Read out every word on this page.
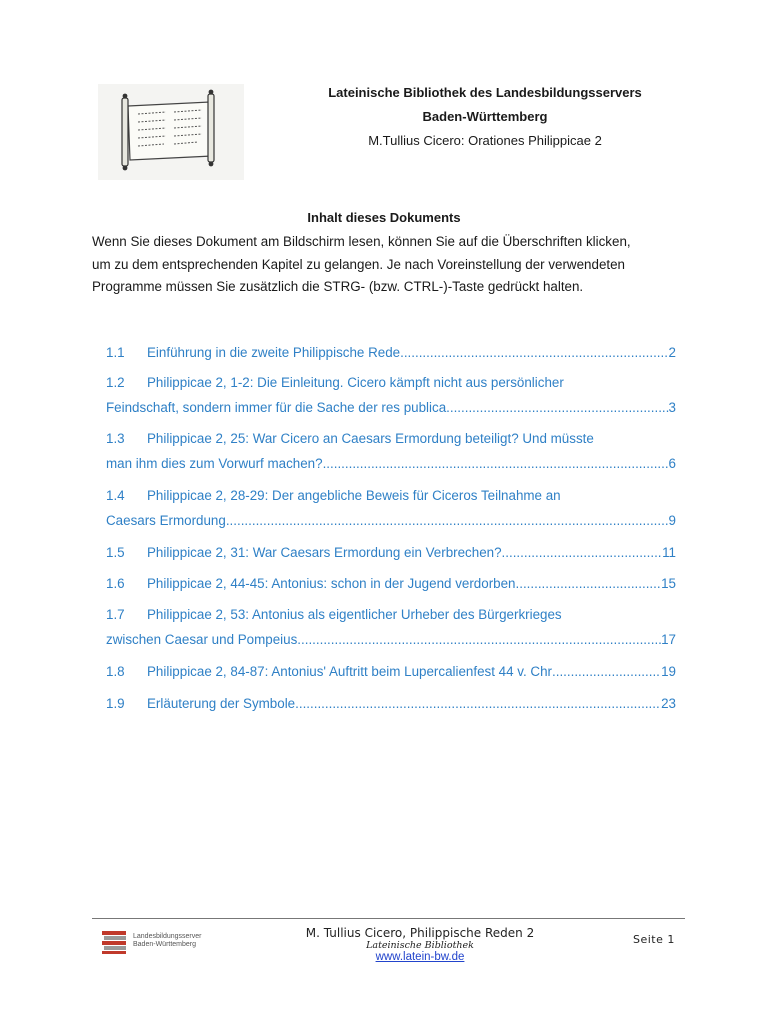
Lateinische Bibliothek des Landesbildungsservers
Baden-Württemberg
M.Tullius Cicero: Orationes Philippicae 2
Inhalt dieses Dokuments

Wenn Sie dieses Dokument am Bildschirm lesen, können Sie auf die Überschriften klicken,

um zu dem entsprechenden Kapitel zu gelangen. Je nach Voreinstellung der verwendeten

Programme müssen Sie zusätzlich die STRG- (bzw. CTRL-)-Taste gedrückt halten.

1.1	Einführung in die zweite Philippische Rede .....	2
1.2	Philippicae 2, 1-2: Die Einleitung. Cicero kämpft nicht aus persönlicher
Feindschaft, sondern immer für die Sache der res publica .....	3
1.3	Philippicae 2, 25: War Cicero an Caesars Ermordung beteiligt? Und müsste
man ihm dies zum Vorwurf machen? .....	6
1.4	Philippicae 2, 28-29: Der angebliche Beweis für Ciceros Teilnahme an
Caesars Ermordung .....	9
1.5	Philippicae 2, 31: War Caesars Ermordung ein Verbrechen? .....	11
1.6	Philippicae 2, 44-45: Antonius: schon in der Jugend verdorben .....	15
1.7	Philippicae 2, 53: Antonius als eigentlicher Urheber des Bürgerkrieges
zwischen Caesar und Pompeius .....	17
1.8	Philippicae 2, 84-87: Antonius' Auftritt beim Lupercalienfest 44 v. Chr .....	19
1.9	Erläuterung der Symbole .....	23
Landesbildungsserver
Baden-Württemberg
M. Tullius Cicero, Philippische Reden 2
Lateinische Bibliothek
www.latein-bw.de
Seite 1
